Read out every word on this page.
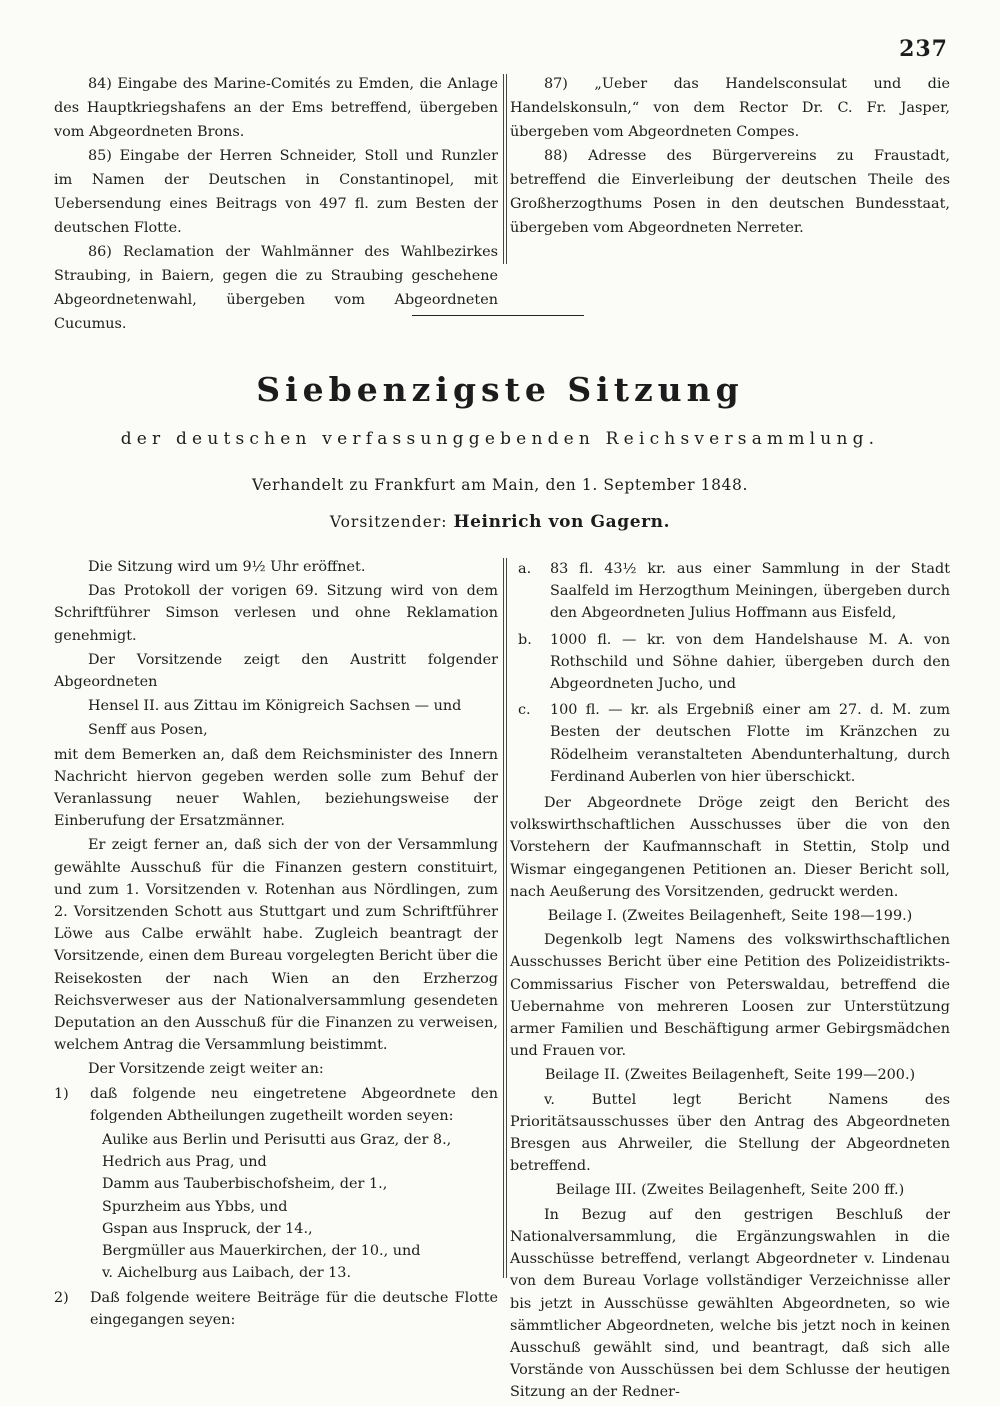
237

84) Eingabe des Marine-Comités zu Emden, die Anlage des Hauptkriegshafens an der Ems betreffend, übergeben vom Abgeordneten Brons.

85) Eingabe der Herren Schneider, Stoll und Runzler im Namen der Deutschen in Constantinopel, mit Uebersendung eines Beitrags von 497 fl. zum Besten der deutschen Flotte.

86) Reclamation der Wahlmänner des Wahlbezirkes Straubing, in Baiern, gegen die zu Straubing geschehene Abgeordnetenwahl, übergeben vom Abgeordneten Cucumus.

87) „Ueber das Handelsconsulat und die Handelskonsuln,“ von dem Rector Dr. C. Fr. Jasper, übergeben vom Abgeordneten Compes.

88) Adresse des Bürgervereins zu Fraustadt, betreffend die Einverleibung der deutschen Theile des Großherzogthums Posen in den deutschen Bundesstaat, übergeben vom Abgeordneten Nerreter.

Siebenzigste Sitzung
der deutschen verfassunggebenden Reichsversammlung.
Verhandelt zu Frankfurt am Main, den 1. September 1848.
Vorsitzender: Heinrich von Gagern.

Die Sitzung wird um 9½ Uhr eröffnet.

Das Protokoll der vorigen 69. Sitzung wird von dem Schriftführer Simson verlesen und ohne Reklamation genehmigt.

Der Vorsitzende zeigt den Austritt folgender Abgeordneten

Hensel II. aus Zittau im Königreich Sachsen — und

Senff aus Posen,

mit dem Bemerken an, daß dem Reichsminister des Innern Nachricht hiervon gegeben werden solle zum Behuf der Veranlassung neuer Wahlen, beziehungsweise der Einberufung der Ersatzmänner.

Er zeigt ferner an, daß sich der von der Versammlung gewählte Ausschuß für die Finanzen gestern constituirt, und zum 1. Vorsitzenden v. Rotenhan aus Nördlingen, zum 2. Vorsitzenden Schott aus Stuttgart und zum Schriftführer Löwe aus Calbe erwählt habe. Zugleich beantragt der Vorsitzende, einen dem Bureau vorgelegten Bericht über die Reisekosten der nach Wien an den Erzherzog Reichsverweser aus der Nationalversammlung gesendeten Deputation an den Ausschuß für die Finanzen zu verweisen, welchem Antrag die Versammlung beistimmt.

Der Vorsitzende zeigt weiter an:

1)	daß folgende neu eingetretene Abgeordnete den folgenden Abtheilungen zugetheilt worden seyen:
Aulike aus Berlin und Perisutti aus Graz, der 8.,
Hedrich aus Prag, und
Damm aus Tauberbischofsheim, der 1.,
Spurzheim aus Ybbs, und
Gspan aus Inspruck, der 14.,
Bergmüller aus Mauerkirchen, der 10., und
v. Aichelburg aus Laibach, der 13.
2)	Daß folgende weitere Beiträge für die deutsche Flotte eingegangen seyen:
a.	83 fl. 43½ kr. aus einer Sammlung in der Stadt Saalfeld im Herzogthum Meiningen, übergeben durch den Abgeordneten Julius Hoffmann aus Eisfeld,
b.	1000 fl. — kr. von dem Handelshause M. A. von Rothschild und Söhne dahier, übergeben durch den Abgeordneten Jucho, und
c.	100 fl. — kr. als Ergebniß einer am 27. d. M. zum Besten der deutschen Flotte im Kränzchen zu Rödelheim veranstalteten Abendunterhaltung, durch Ferdinand Auberlen von hier überschickt.

Der Abgeordnete Dröge zeigt den Bericht des volkswirthschaftlichen Ausschusses über die von den Vorstehern der Kaufmannschaft in Stettin, Stolp und Wismar eingegangenen Petitionen an. Dieser Bericht soll, nach Aeußerung des Vorsitzenden, gedruckt werden.

Beilage I. (Zweites Beilagenheft, Seite 198—199.)

Degenkolb legt Namens des volkswirthschaftlichen Ausschusses Bericht über eine Petition des Polizeidistrikts-Commissarius Fischer von Peterswaldau, betreffend die Uebernahme von mehreren Loosen zur Unterstützung armer Familien und Beschäftigung armer Gebirgsmädchen und Frauen vor.

Beilage II. (Zweites Beilagenheft, Seite 199—200.)

v. Buttel legt Bericht Namens des Prioritätsausschusses über den Antrag des Abgeordneten Bresgen aus Ahrweiler, die Stellung der Abgeordneten betreffend.

Beilage III. (Zweites Beilagenheft, Seite 200 ff.)

In Bezug auf den gestrigen Beschluß der Nationalversammlung, die Ergänzungswahlen in die Ausschüsse betreffend, verlangt Abgeordneter v. Lindenau von dem Bureau Vorlage vollständiger Verzeichnisse aller bis jetzt in Ausschüsse gewählten Abgeordneten, so wie sämmtlicher Abgeordneten, welche bis jetzt noch in keinen Ausschuß gewählt sind, und beantragt, daß sich alle Vorstände von Ausschüssen bei dem Schlusse der heutigen Sitzung an der Redner-
